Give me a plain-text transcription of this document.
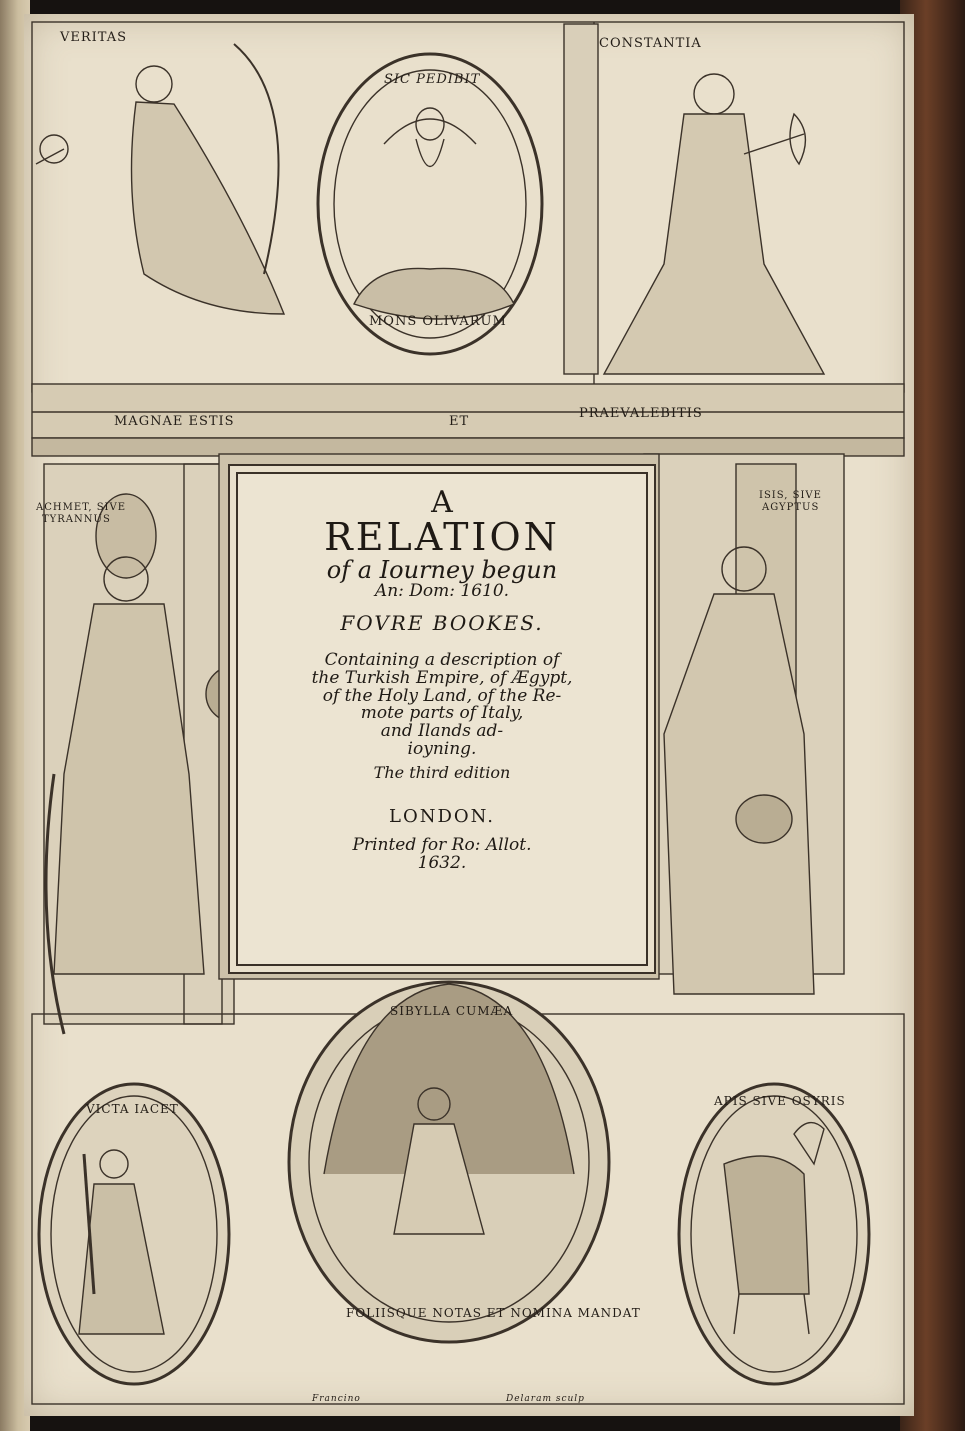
VERITAS	CONSTANTIA
SIC PEDIBIT
MONS OLIVARUM
MAGNAE ESTIS	ET
PRAEVALEBITIS
ACHMET, SIVE
TYRANNUS
ISIS, SIVE
AGYPTUS
A
RELATION
of a Iourney begun
An: Dom: 1610.
FOVRE BOOKES.
Containing a description of
the Turkish Empire, of Ægypt,
of the Holy Land, of the Re-
mote parts of Italy,
and Ilands ad-
ioyning.
The third edition
LONDON.
Printed for Ro: Allot.
1632.
VICTA IACET
SIBYLLA CUMÆA
FOLIISQUE NOTAS ET NOMINA MANDAT
APIS SIVE OSYRIS
Francino	Delaram sculp
